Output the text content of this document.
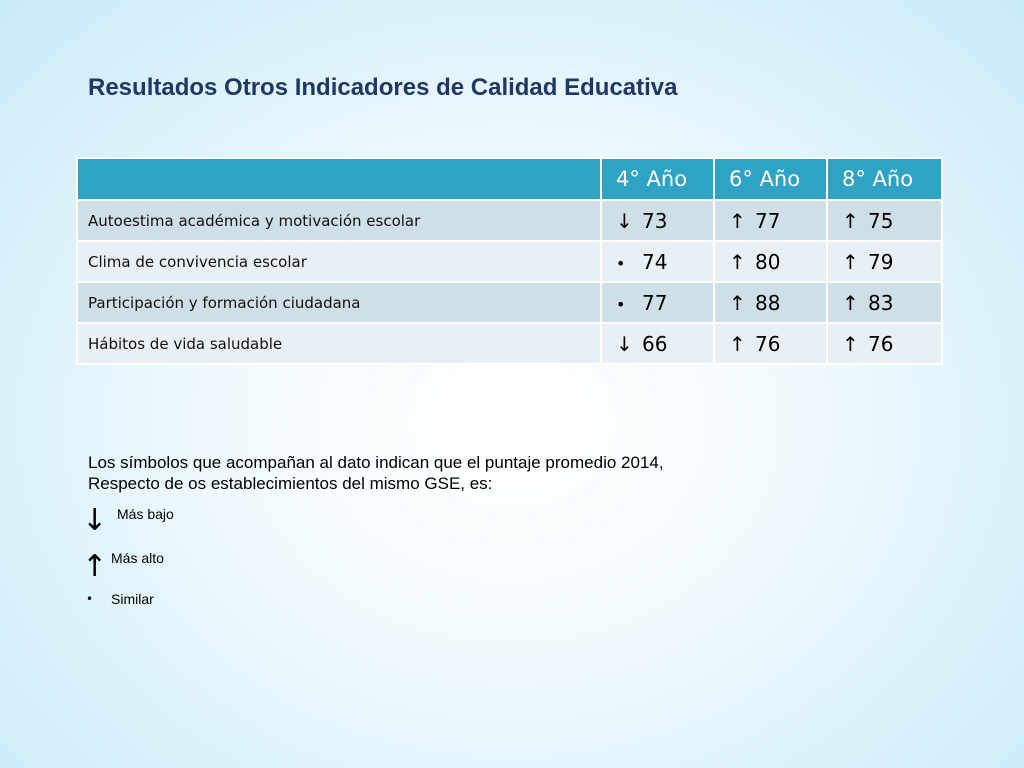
Resultados Otros Indicadores de Calidad Educativa
	4° Año	6° Año	8° Año
Autoestima académica y motivación escolar	↓ 73	↑ 77	↑ 75
Clima de convivencia escolar	• 74	↑ 80	↑ 79
Participación y formación ciudadana	• 77	↑ 88	↑ 83
Hábitos de vida saludable	↓ 66	↑ 76	↑ 76

Los símbolos que acompañan al dato indican que el puntaje promedio 2014,

Respecto de os establecimientos del mismo GSE, es:

↓ Más bajo
↑ Más alto
• Similar
